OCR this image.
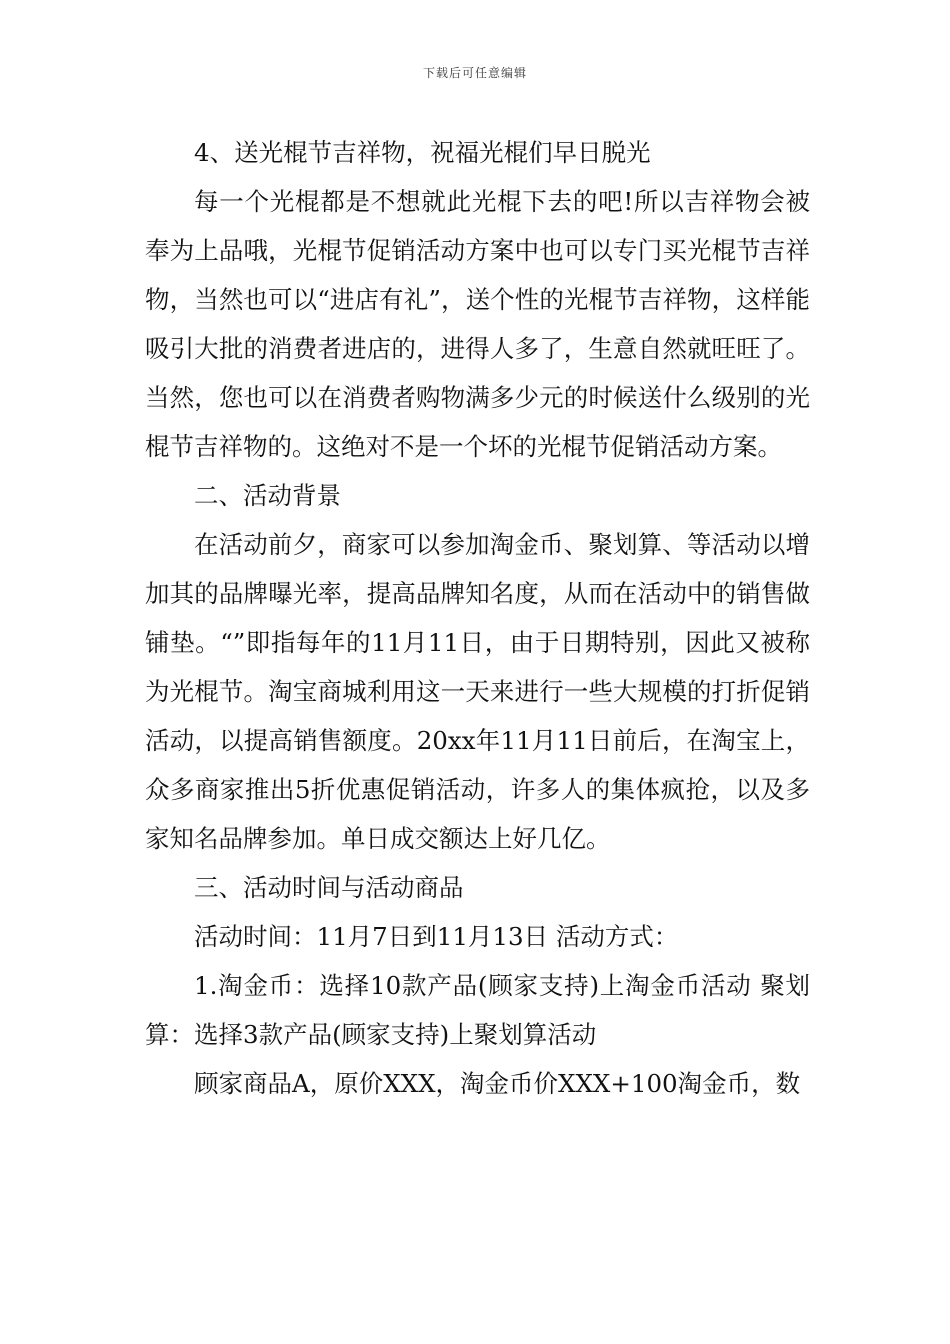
下载后可任意编辑

4、送光棍节吉祥物，祝福光棍们早日脱光

每一个光棍都是不想就此光棍下去的吧!所以吉祥物会被奉为上品哦，光棍节促销活动方案中也可以专门买光棍节吉祥物，当然也可以“进店有礼”，送个性的光棍节吉祥物，这样能吸引大批的消费者进店的，进得人多了，生意自然就旺旺了。当然，您也可以在消费者购物满多少元的时候送什么级别的光棍节吉祥物的。这绝对不是一个坏的光棍节促销活动方案。

二、活动背景

在活动前夕，商家可以参加淘金币、聚划算、等活动以增加其的品牌曝光率，提高品牌知名度，从而在活动中的销售做铺垫。“”即指每年的11月11日，由于日期特别，因此又被称为光棍节。淘宝商城利用这一天来进行一些大规模的打折促销活动，以提高销售额度。20xx年11月11日前后，在淘宝上，众多商家推出5折优惠促销活动，许多人的集体疯抢，以及多家知名品牌参加。单日成交额达上好几亿。

三、活动时间与活动商品

活动时间：11月7日到11月13日 活动方式：

1.淘金币：选择10款产品(顾家支持)上淘金币活动 聚划算：选择3款产品(顾家支持)上聚划算活动

顾家商品A，原价XXX，淘金币价XXX+100淘金币，数
